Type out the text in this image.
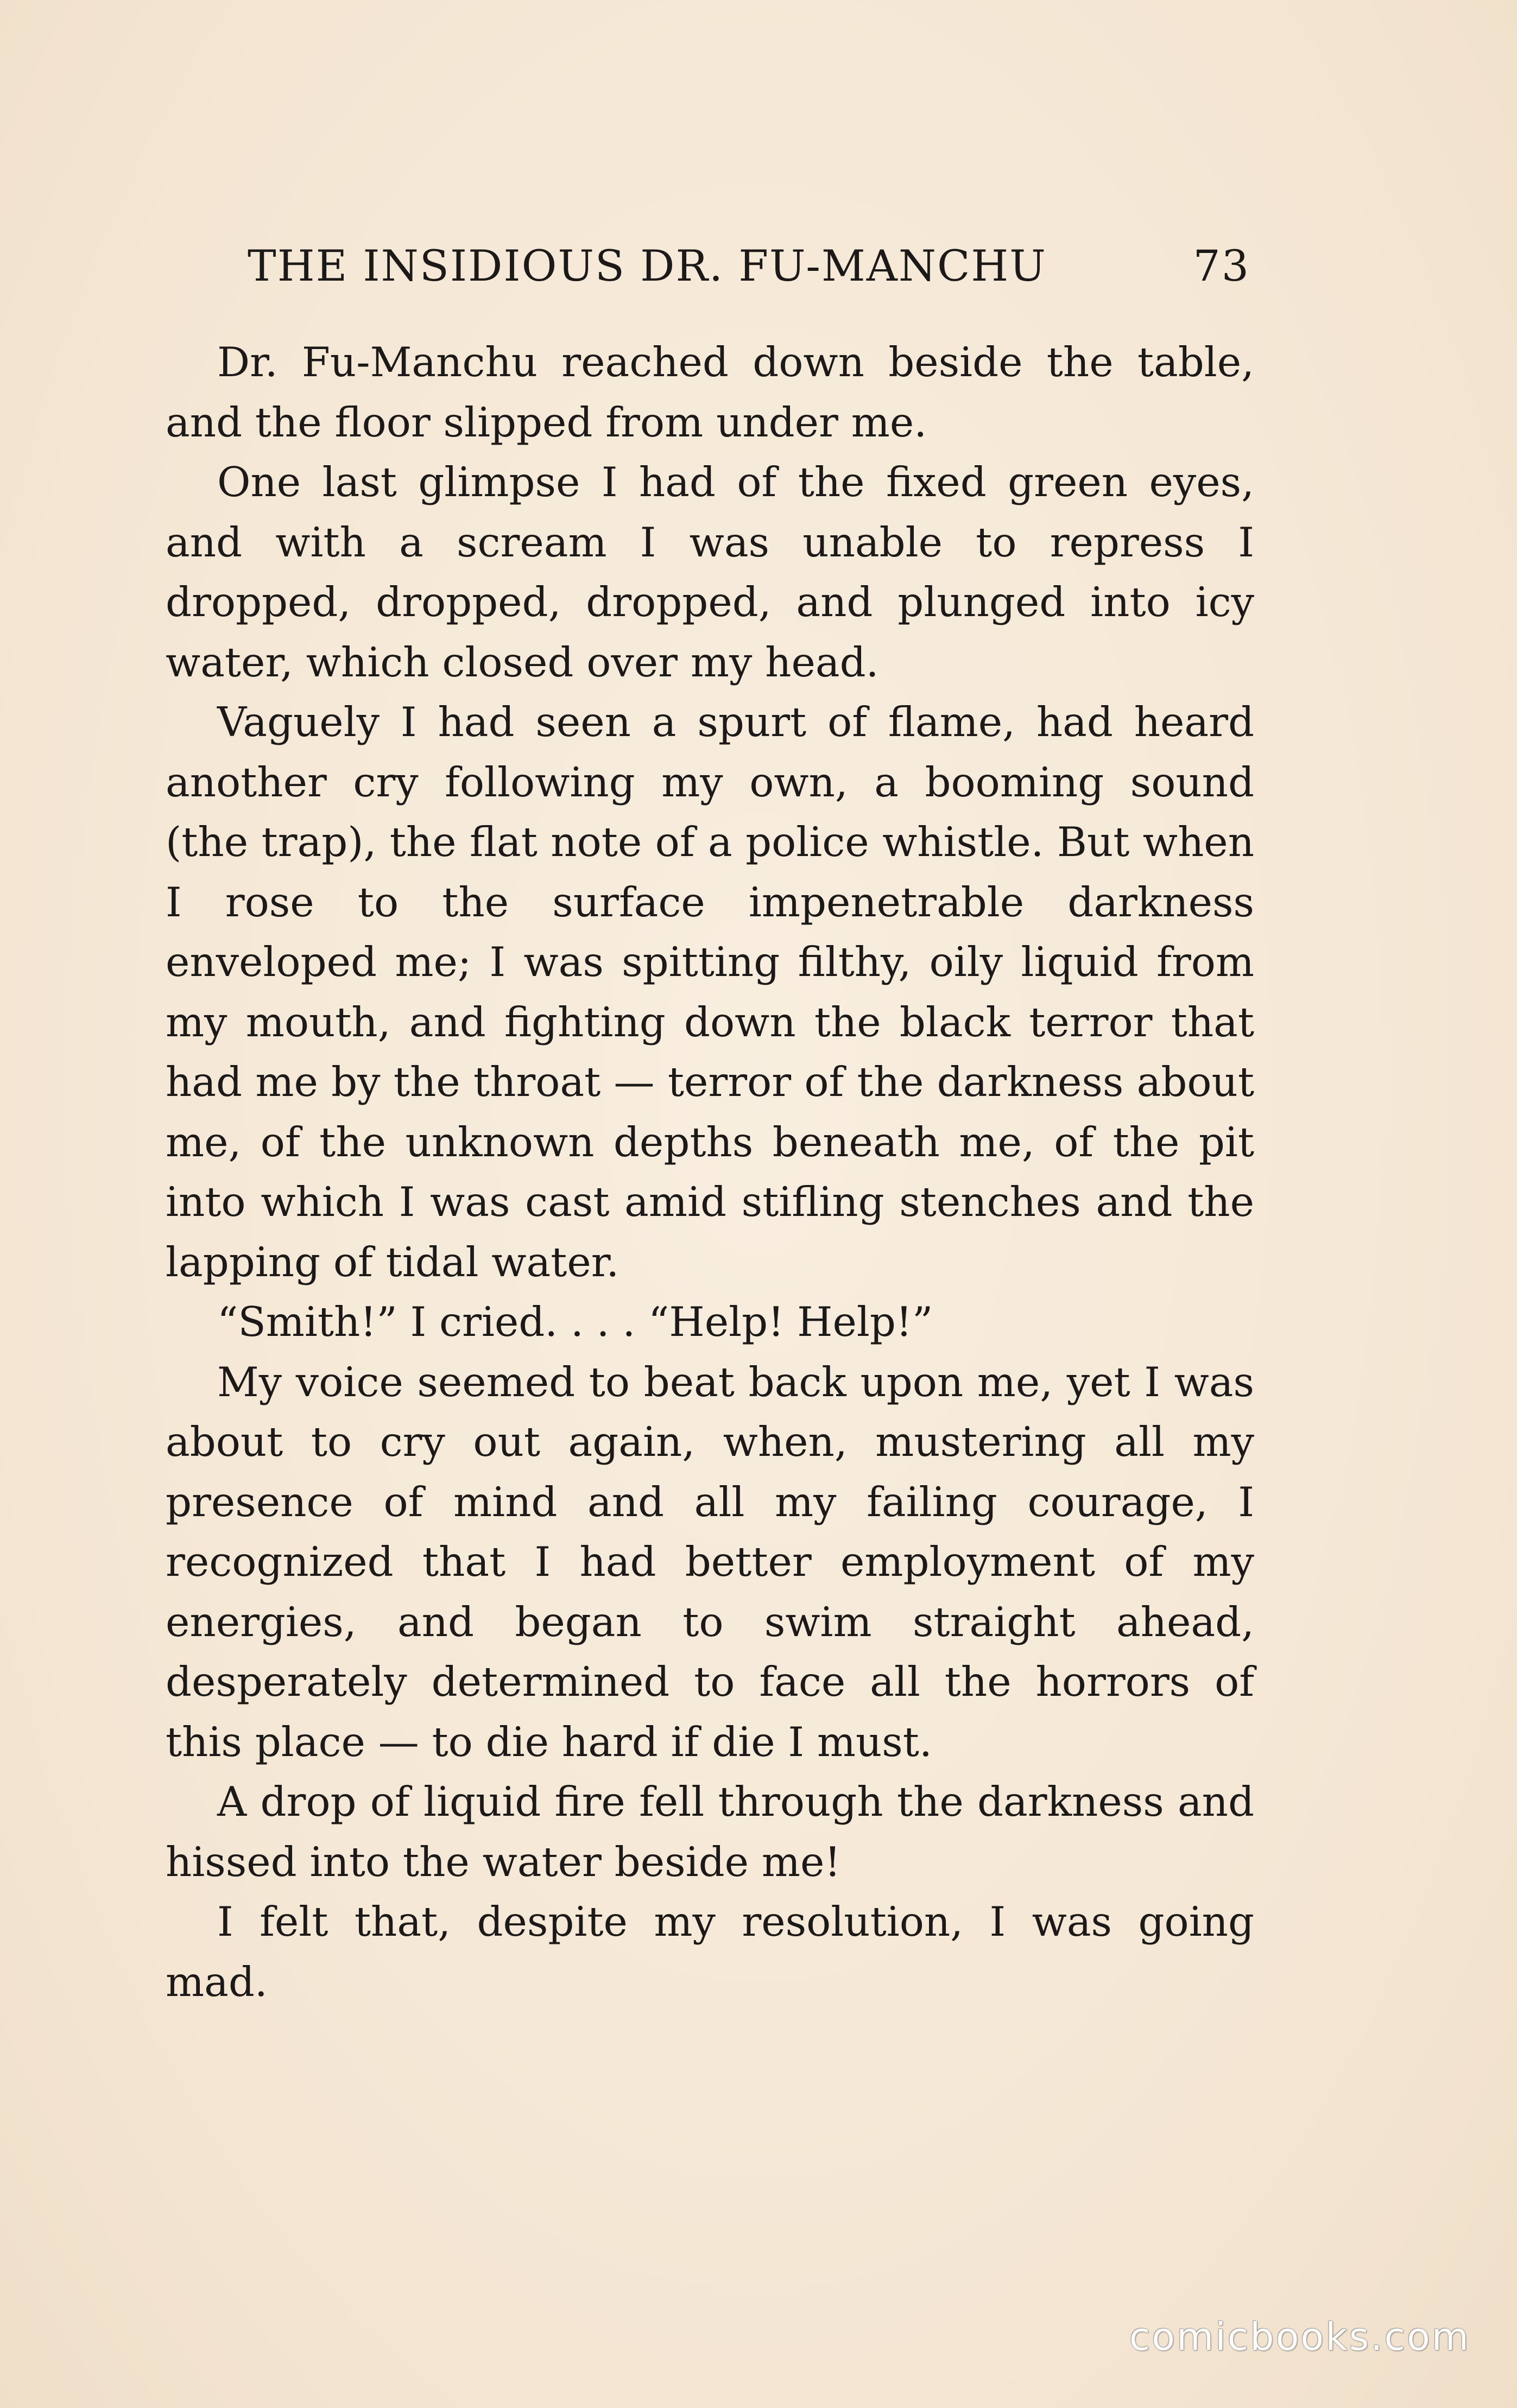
THE INSIDIOUS DR. FU-MANCHU	73

Dr. Fu-Manchu reached down beside the table, and the floor slipped from under me.

One last glimpse I had of the fixed green eyes, and with a scream I was unable to repress I dropped, dropped, dropped, and plunged into icy water, which closed over my head.

Vaguely I had seen a spurt of flame, had heard another cry following my own, a booming sound (the trap), the flat note of a police whistle. But when I rose to the surface impenetrable darkness enveloped me; I was spitting filthy, oily liquid from my mouth, and fighting down the black terror that had me by the throat — terror of the darkness about me, of the unknown depths beneath me, of the pit into which I was cast amid stifling stenches and the lapping of tidal water.

“Smith!” I cried. . . . “Help! Help!”

My voice seemed to beat back upon me, yet I was about to cry out again, when, mustering all my presence of mind and all my failing courage, I recognized that I had better employment of my energies, and began to swim straight ahead, desperately determined to face all the horrors of this place — to die hard if die I must.

A drop of liquid fire fell through the darkness and hissed into the water beside me!

I felt that, despite my resolution, I was going mad.

comicbooks.com
